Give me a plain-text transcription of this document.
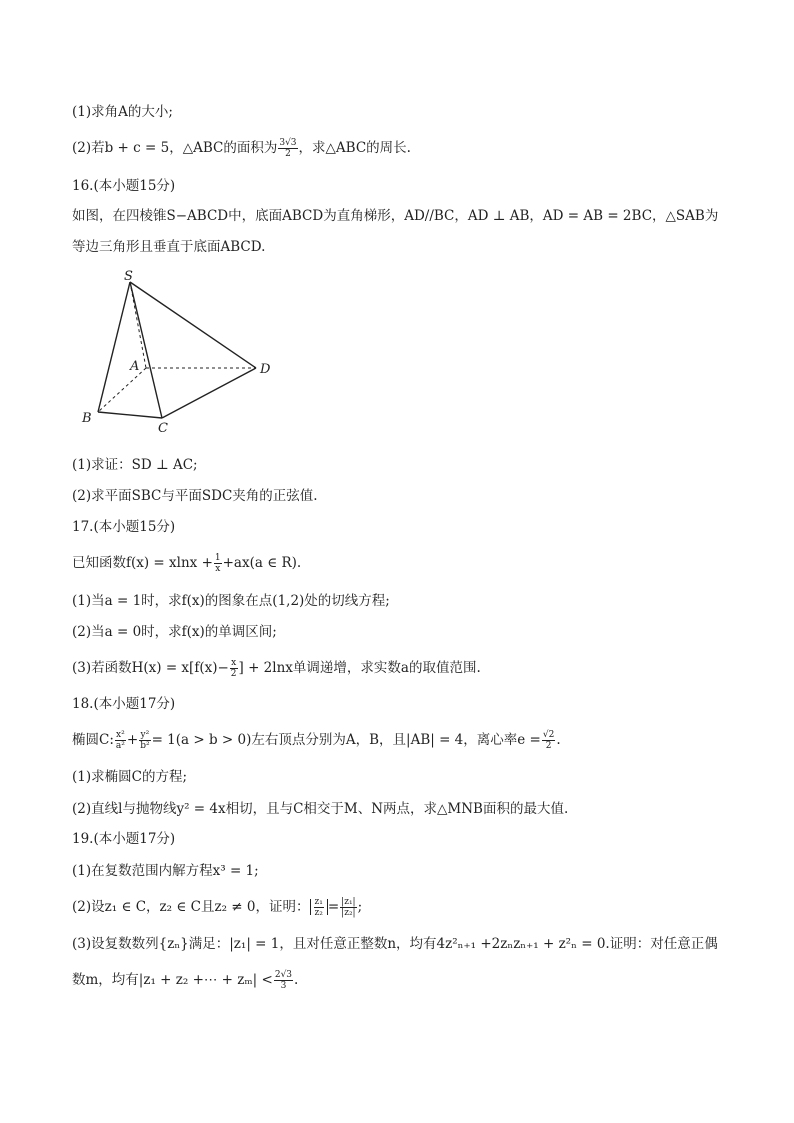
(1)求角A的大小;
(2)若b + c = 5，△ABC的面积为 $\frac{3√3}{2}$ ，求△ABC的周长.
16.(本小题15分)
如图，在四棱锥S−ABCD中，底面ABCD为直角梯形，AD//BC，AD ⊥ AB，AD = AB = 2BC，△SAB为
等边三角形且垂直于底面ABCD.
S
A
B
C
D
(1)求证：SD ⊥ AC;
(2)求平面SBC与平面SDC夹角的正弦值.
17.(本小题15分)
已知函数$f(x) = xlnx + \frac{1}{x} +ax(a$ ∈ R).
(1)当a = 1时，求f(x)的图象在点(1,2)处的切线方程;
(2)当a = 0时，求f(x)的单调区间;
(3)若函数$H(x) = x[f(x)- \frac{x}{2}$ ] + 2lnx单调递增，求实数a的取值范围.
18.(本小题17分)
椭圆C: $\frac{\text{x²}}{\text{a²}} + \frac{\text{y²}}{\text{b²}} = 1(a > b > 0)$左右顶点分别为A，B，且|AB| = 4，离心率$e = \frac{√2}{2}$ .
(1)求椭圆C的方程;
(2)直线l与抛物线y² = 4x相切，且与C相交于M、N两点，求△MNB面积的最大值.
19.(本小题17分)
(1)在复数范围内解方程x³ = 1;
(2)设z₁ ∈ C，z₂ ∈ C且z₂ ≠ 0，证明： $\frac{\text{z₁}}{\text{z₂}} = \frac{\text{|z₁|}}{\text{|z₂|}}$ ;
(3)设复数数列{zₙ}满足：|z₁| = 1，且对任意正整数n，均有4z²ₙ₊₁ +2zₙzₙ₊₁ + z²ₙ = 0.证明：对任意正偶
数m，均有|z₁ + z₂ +⋯ + $z_m| < \frac{2√3}{3}$ .
